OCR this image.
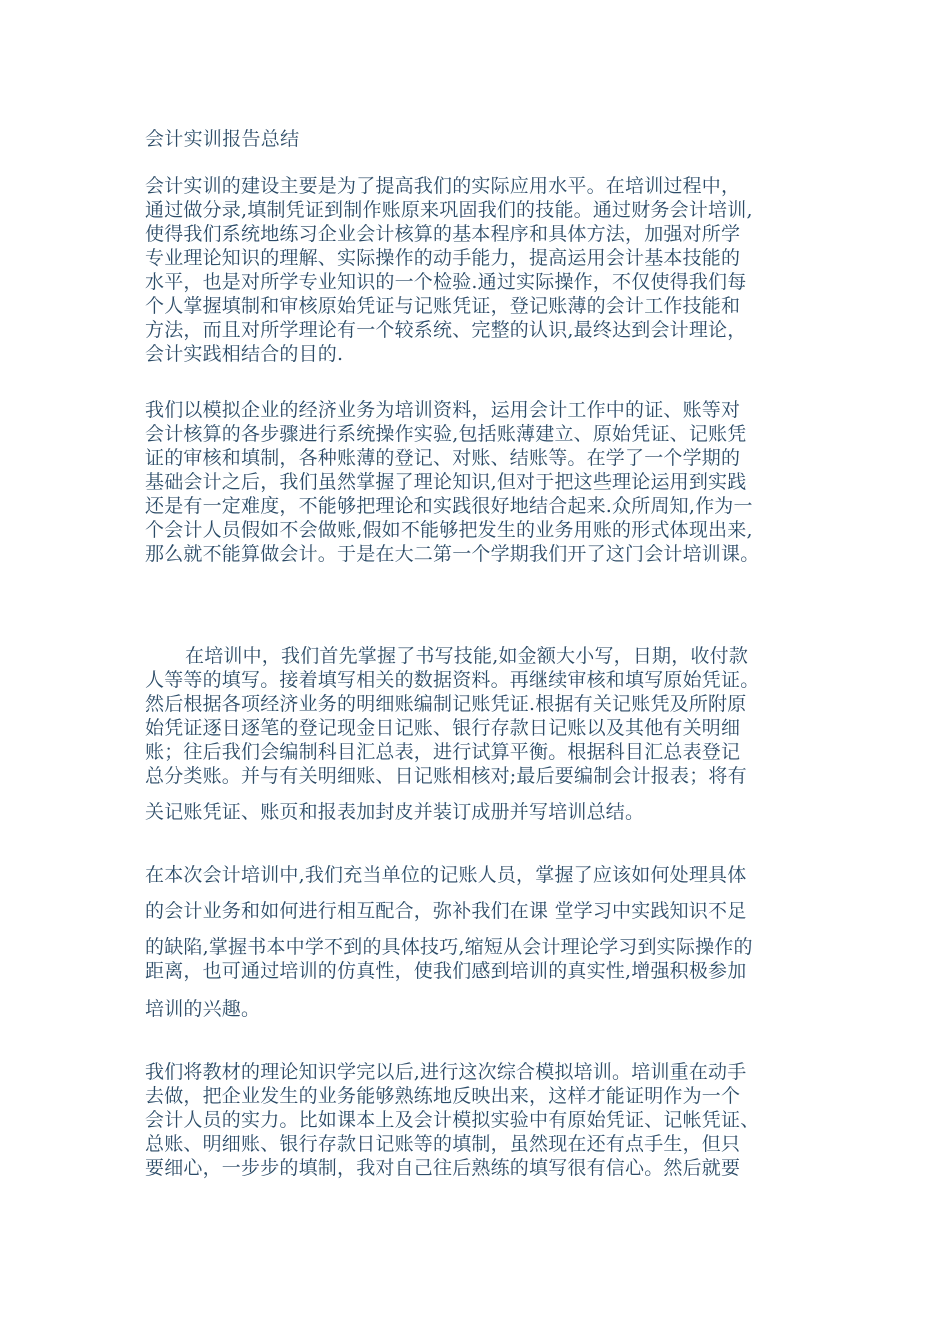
会计实训报告总结

会计实训的建设主要是为了提高我们的实际应用水平。在培训过程中，
通过做分录,填制凭证到制作账原来巩固我们的技能。通过财务会计培训,
使得我们系统地练习企业会计核算的基本程序和具体方法，加强对所学
专业理论知识的理解、实际操作的动手能力，提高运用会计基本技能的
水平，也是对所学专业知识的一个检验.通过实际操作，不仅使得我们每
个人掌握填制和审核原始凭证与记账凭证，登记账薄的会计工作技能和
方法，而且对所学理论有一个较系统、完整的认识,最终达到会计理论，
会计实践相结合的目的.

我们以模拟企业的经济业务为培训资料，运用会计工作中的证、账等对
会计核算的各步骤进行系统操作实验,包括账薄建立、原始凭证、记账凭
证的审核和填制，各种账薄的登记、对账、结账等。在学了一个学期的
基础会计之后，我们虽然掌握了理论知识,但对于把这些理论运用到实践
还是有一定难度，不能够把理论和实践很好地结合起来.众所周知,作为一
个会计人员假如不会做账,假如不能够把发生的业务用账的形式体现出来,
那么就不能算做会计。于是在大二第一个学期我们开了这门会计培训课。

在培训中，我们首先掌握了书写技能,如金额大小写，日期，收付款
人等等的填写。接着填写相关的数据资料。再继续审核和填写原始凭证。
然后根据各项经济业务的明细账编制记账凭证.根据有关记账凭及所附原
始凭证逐日逐笔的登记现金日记账、银行存款日记账以及其他有关明细
账；往后我们会编制科目汇总表，进行试算平衡。根据科目汇总表登记
总分类账。并与有关明细账、日记账相核对;最后要编制会计报表；将有
关记账凭证、账页和报表加封皮并装订成册并写培训总结。

在本次会计培训中,我们充当单位的记账人员，掌握了应该如何处理具体
的会计业务和如何进行相互配合，弥补我们在课 堂学习中实践知识不足
的缺陷,掌握书本中学不到的具体技巧,缩短从会计理论学习到实际操作的
距离，也可通过培训的仿真性，使我们感到培训的真实性,增强积极参加
培训的兴趣。

我们将教材的理论知识学完以后,进行这次综合模拟培训。培训重在动手
去做，把企业发生的业务能够熟练地反映出来，这样才能证明作为一个
会计人员的实力。比如课本上及会计模拟实验中有原始凭证、记帐凭证、
总账、明细账、银行存款日记账等的填制，虽然现在还有点手生，但只
要细心，一步步的填制，我对自己往后熟练的填写很有信心。然后就要
